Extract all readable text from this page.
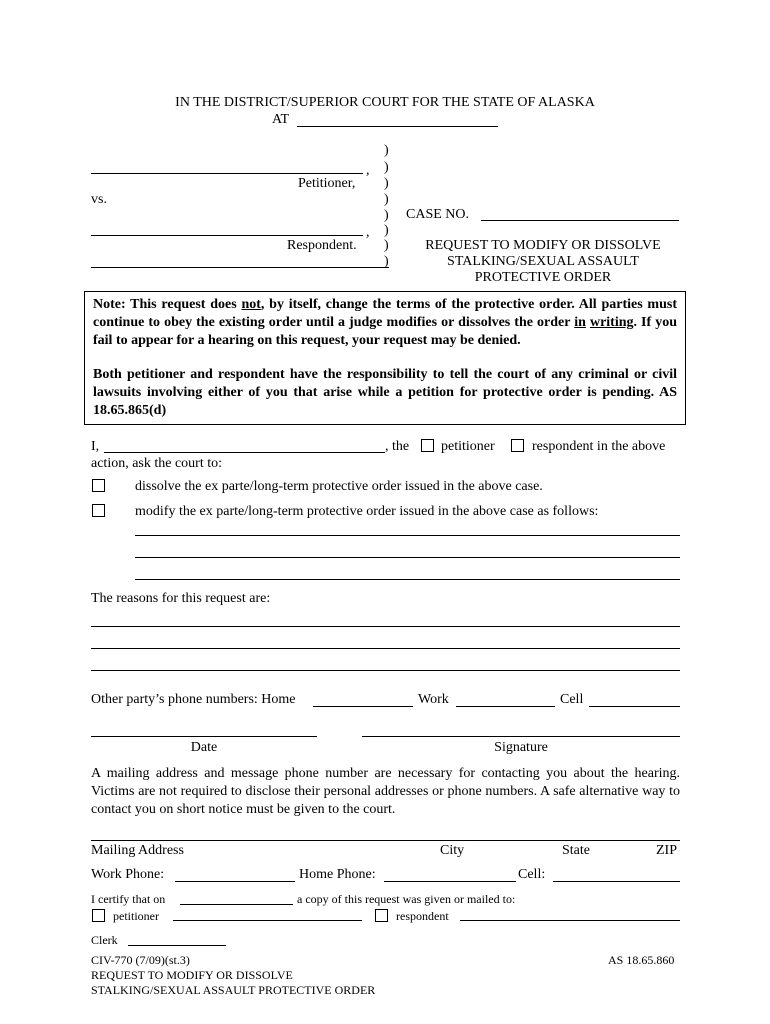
IN THE DISTRICT/SUPERIOR COURT FOR THE STATE OF ALASKA
AT
,
Petitioner,
vs.
,
Respondent.
)
)
)
)
)
)
)
)
CASE NO.
REQUEST TO MODIFY OR DISSOLVE
STALKING/SEXUAL ASSAULT
PROTECTIVE ORDER
Note: This request does not, by itself, change the terms of the protective order. All parties must continue to obey the existing order until a judge modifies or dissolves the order in writing. If you fail to appear for a hearing on this request, your request may be denied.
Both petitioner and respondent have the responsibility to tell the court of any criminal or civil lawsuits involving either of you that arise while a petition for protective order is pending. AS 18.65.865(d)
I,	, the petitioner	respondent in the above
action, ask the court to:
dissolve the ex parte/long-term protective order issued in the above case.
modify the ex parte/long-term protective order issued in the above case as follows:
The reasons for this request are:
Other party’s phone numbers: Home	Work	Cell
Date	Signature
A mailing address and message phone number are necessary for contacting you about the hearing. Victims are not required to disclose their personal addresses or phone numbers. A safe alternative way to contact you on short notice must be given to the court.
Mailing Address	City	State	ZIP
Work Phone:	Home Phone:	Cell:
I certify that on	a copy of this request was given or mailed to:
petitioner	respondent
Clerk
CIV-770 (7/09)(st.3)
REQUEST TO MODIFY OR DISSOLVE
STALKING/SEXUAL ASSAULT PROTECTIVE ORDER
AS 18.65.860
